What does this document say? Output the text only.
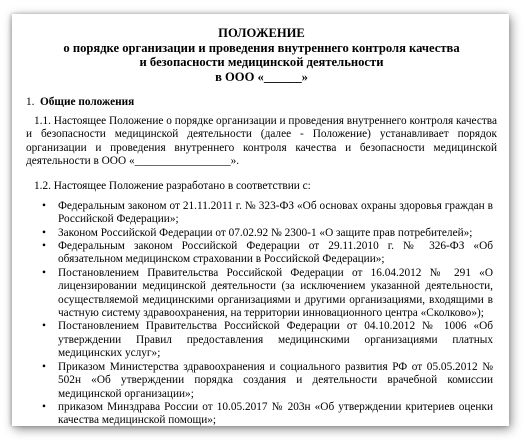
ПОЛОЖЕНИЕ
о порядке организации и проведения внутреннего контроля качества
и безопасности медицинской деятельности
в ООО «______»
1. Общие положения
1.1. Настоящее Положение о порядке организации и проведения внутреннего контроля качества и безопасности медицинской деятельности (далее - Положение) устанавливает порядок организации и проведения внутреннего контроля качества и безопасности медицинской деятельности в ООО «_________________».
1.2. Настоящее Положение разработано в соответствии с:
• Федеральным законом от 21.11.2011 г. № 323-ФЗ «Об основах охраны здоровья граждан в Российской Федерации»;
• Законом Российской Федерации от 07.02.92 № 2300-1 «О защите прав потребителей»;
• Федеральным законом Российской Федерации от 29.11.2010 г. № 326-ФЗ «Об обязательном медицинском страховании в Российской Федерации»;
• Постановлением Правительства Российской Федерации от 16.04.2012 № 291 «О лицензировании медицинской деятельности (за исключением указанной деятельности, осуществляемой медицинскими организациями и другими организациями, входящими в частную систему здравоохранения, на территории инновационного центра «Сколково»);
• Постановлением Правительства Российской Федерации от 04.10.2012 № 1006 «Об утверждении Правил предоставления медицинскими организациями платных медицинских услуг»;
• Приказом Министерства здравоохранения и социального развития РФ от 05.05.2012 № 502н «Об утверждении порядка создания и деятельности врачебной комиссии медицинской организации»;
• приказом Минздрава России от 10.05.2017 № 203н «Об утверждении критериев оценки качества медицинской помощи»;
